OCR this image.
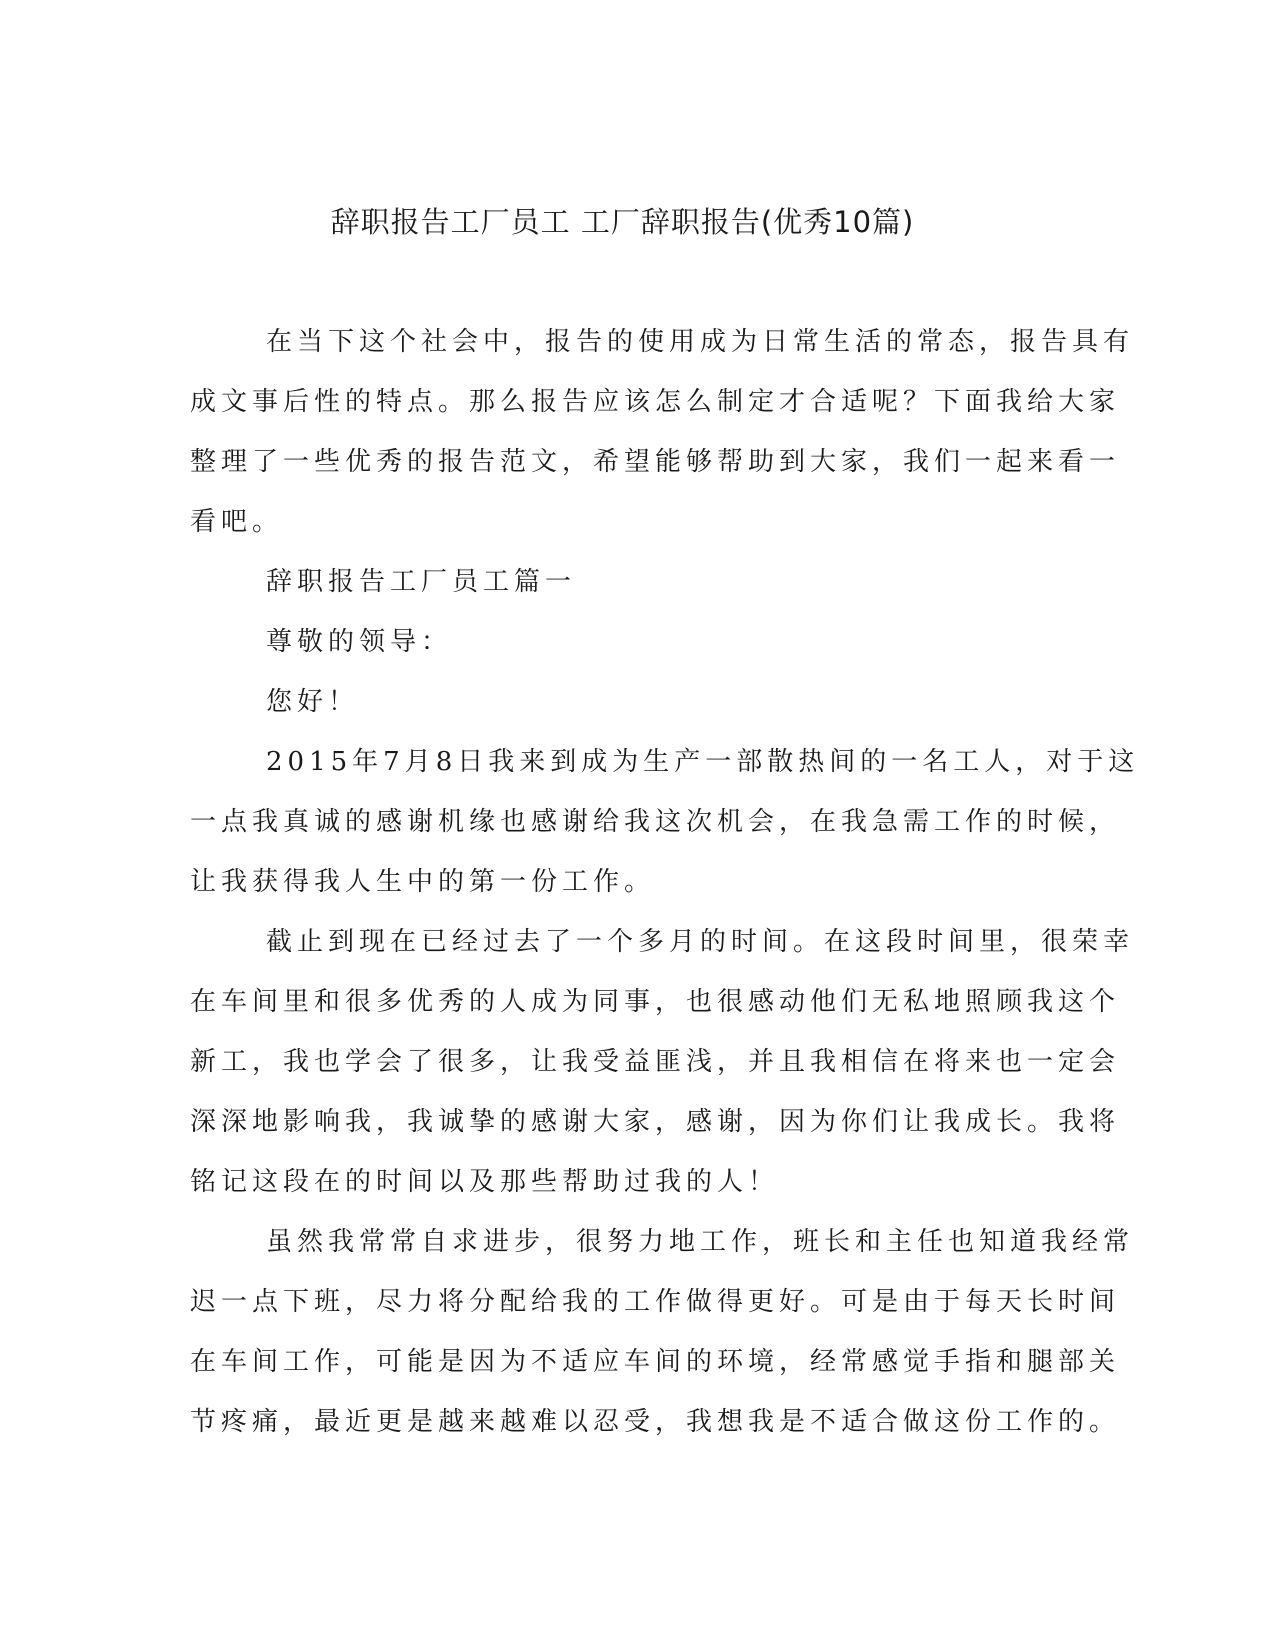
辞职报告工厂员工 工厂辞职报告(优秀10篇)
在当下这个社会中，报告的使用成为日常生活的常态，报告具有
成文事后性的特点。那么报告应该怎么制定才合适呢？下面我给大家
整理了一些优秀的报告范文，希望能够帮助到大家，我们一起来看一
看吧。
辞职报告工厂员工篇一
尊敬的领导：
您好！
2015年7月8日我来到成为生产一部散热间的一名工人，对于这
一点我真诚的感谢机缘也感谢给我这次机会，在我急需工作的时候，
让我获得我人生中的第一份工作。
截止到现在已经过去了一个多月的时间。在这段时间里，很荣幸
在车间里和很多优秀的人成为同事，也很感动他们无私地照顾我这个
新工，我也学会了很多，让我受益匪浅，并且我相信在将来也一定会
深深地影响我，我诚挚的感谢大家，感谢，因为你们让我成长。我将
铭记这段在的时间以及那些帮助过我的人！
虽然我常常自求进步，很努力地工作，班长和主任也知道我经常
迟一点下班，尽力将分配给我的工作做得更好。可是由于每天长时间
在车间工作，可能是因为不适应车间的环境，经常感觉手指和腿部关
节疼痛，最近更是越来越难以忍受，我想我是不适合做这份工作的。
